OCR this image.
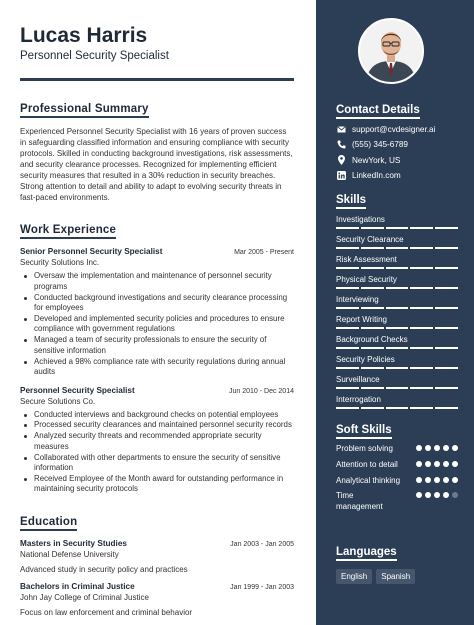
Lucas Harris
Personnel Security Specialist
Professional Summary

Experienced Personnel Security Specialist with 16 years of proven success in safeguarding classified information and ensuring compliance with security protocols. Skilled in conducting background investigations, risk assessments, and security clearance processes. Recognized for implementing efficient security measures that resulted in a 30% reduction in security breaches. Strong attention to detail and ability to adapt to evolving security threats in fast-paced environments.

Work Experience
Senior Personnel Security Specialist	Mar 2005 - Present
Security Solutions Inc.
Oversaw the implementation and maintenance of personnel security programs
Conducted background investigations and security clearance processing for employees
Developed and implemented security policies and procedures to ensure compliance with government regulations
Managed a team of security professionals to ensure the security of sensitive information
Achieved a 98% compliance rate with security regulations during annual audits
Personnel Security Specialist	Jun 2010 - Dec 2014
Secure Solutions Co.
Conducted interviews and background checks on potential employees
Processed security clearances and maintained personnel security records
Analyzed security threats and recommended appropriate security measures
Collaborated with other departments to ensure the security of sensitive information
Received Employee of the Month award for outstanding performance in maintaining security protocols
Education
Masters in Security Studies	Jan 2003 - Jan 2005
National Defense University
Advanced study in security policy and practices
Bachelors in Criminal Justice	Jan 1999 - Jan 2003
John Jay College of Criminal Justice
Focus on law enforcement and criminal behavior
Contact Details
support@cvdesigner.ai
(555) 345-6789
NewYork, US
LinkedIn.com
Skills
Investigations
Security Clearance
Risk Assessment
Physical Security
Interviewing
Report Writing
Background Checks
Security Policies
Surveillance
Interrogation
Soft Skills
Problem solving
Attention to detail
Analytical thinking
Time management
Languages
English	Spanish
